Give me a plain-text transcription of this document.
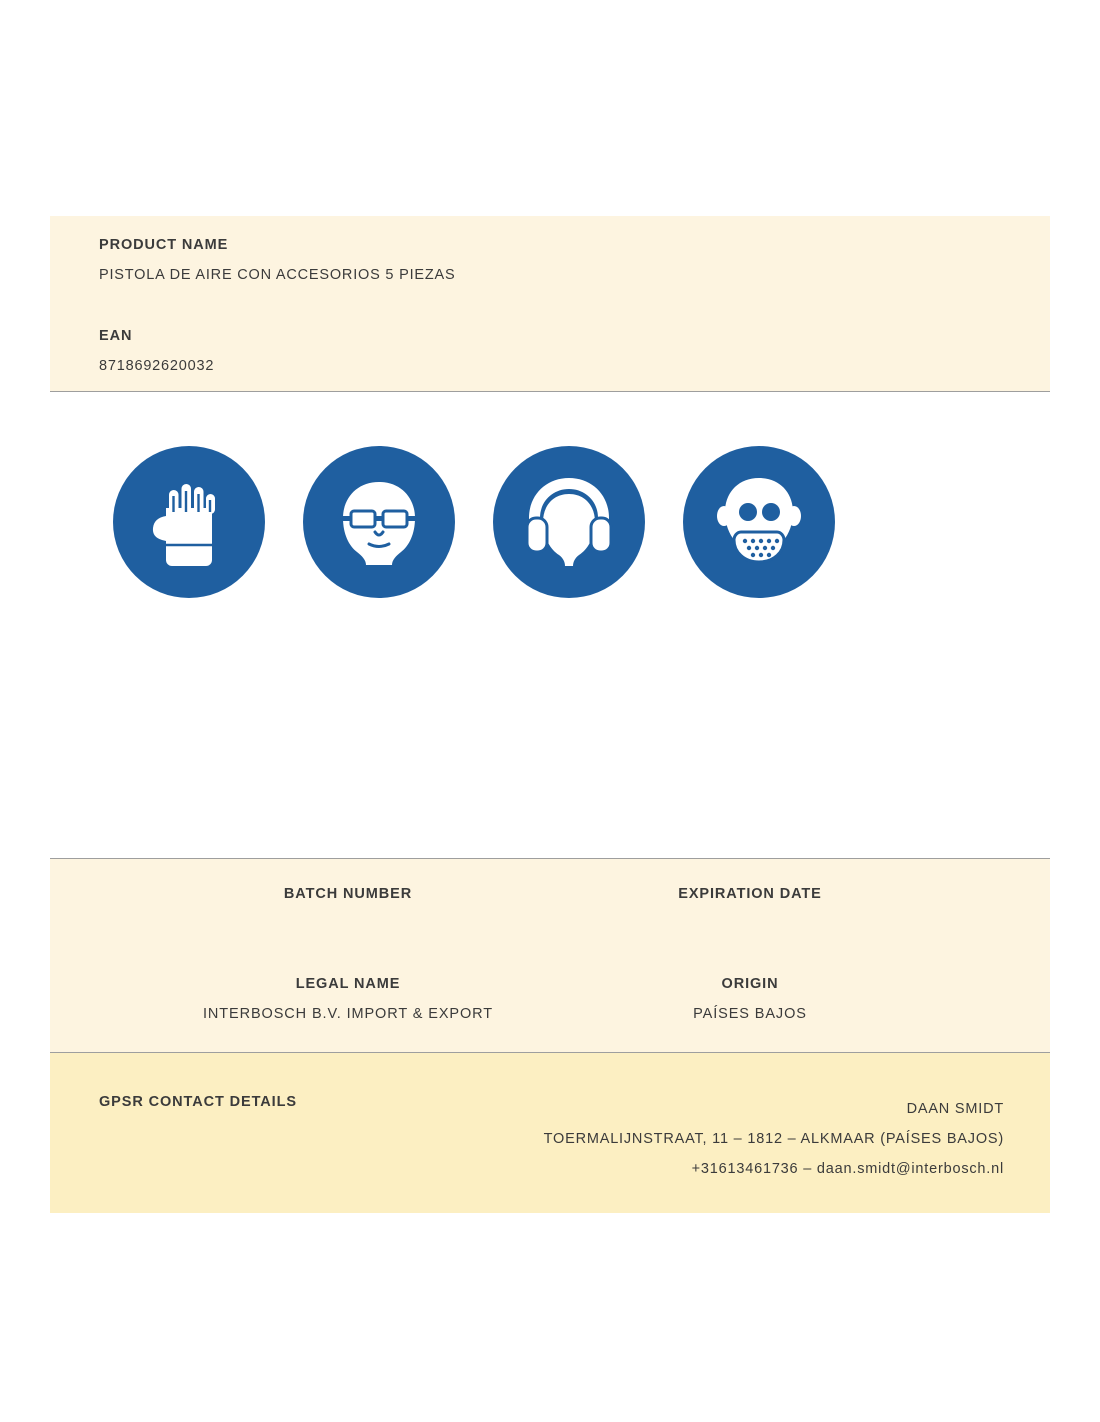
PRODUCT NAME
PISTOLA DE AIRE CON ACCESORIOS 5 PIEZAS
EAN
8718692620032
BATCH NUMBER	EXPIRATION DATE
LEGAL NAME
INTERBOSCH B.V. IMPORT & EXPORT
ORIGIN
PAÍSES BAJOS
GPSR CONTACT DETAILS	DAAN SMIDT
TOERMALIJNSTRAAT, 11 – 1812 – ALKMAAR (PAÍSES BAJOS)
+31613461736 – daan.smidt@interbosch.nl
